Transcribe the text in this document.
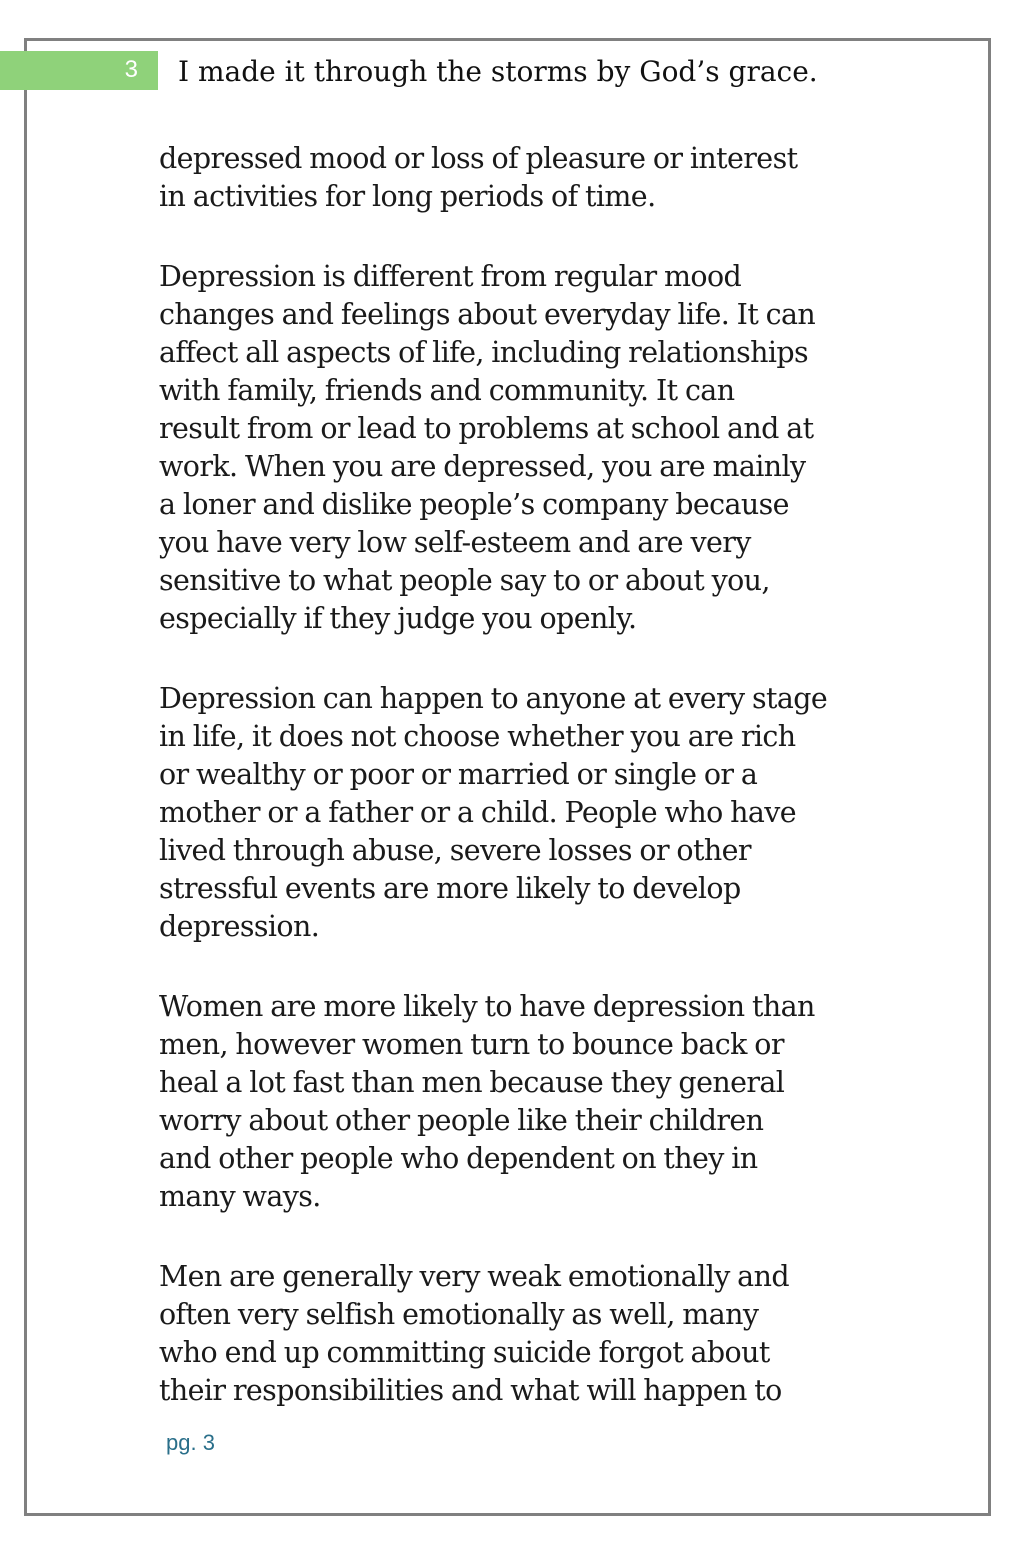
3 I made it through the storms by God’s grace.

depressed mood or loss of pleasure or interest
in activities for long periods of time.

Depression is different from regular mood
changes and feelings about everyday life. It can
affect all aspects of life, including relationships
with family, friends and community. It can
result from or lead to problems at school and at
work. When you are depressed, you are mainly
a loner and dislike people’s company because
you have very low self-esteem and are very
sensitive to what people say to or about you,
especially if they judge you openly.

Depression can happen to anyone at every stage
in life, it does not choose whether you are rich
or wealthy or poor or married or single or a
mother or a father or a child. People who have
lived through abuse, severe losses or other
stressful events are more likely to develop
depression.

Women are more likely to have depression than
men, however women turn to bounce back or
heal a lot fast than men because they general
worry about other people like their children
and other people who dependent on they in
many ways.

Men are generally very weak emotionally and
often very selfish emotionally as well, many
who end up committing suicide forgot about
their responsibilities and what will happen to

pg. 3
